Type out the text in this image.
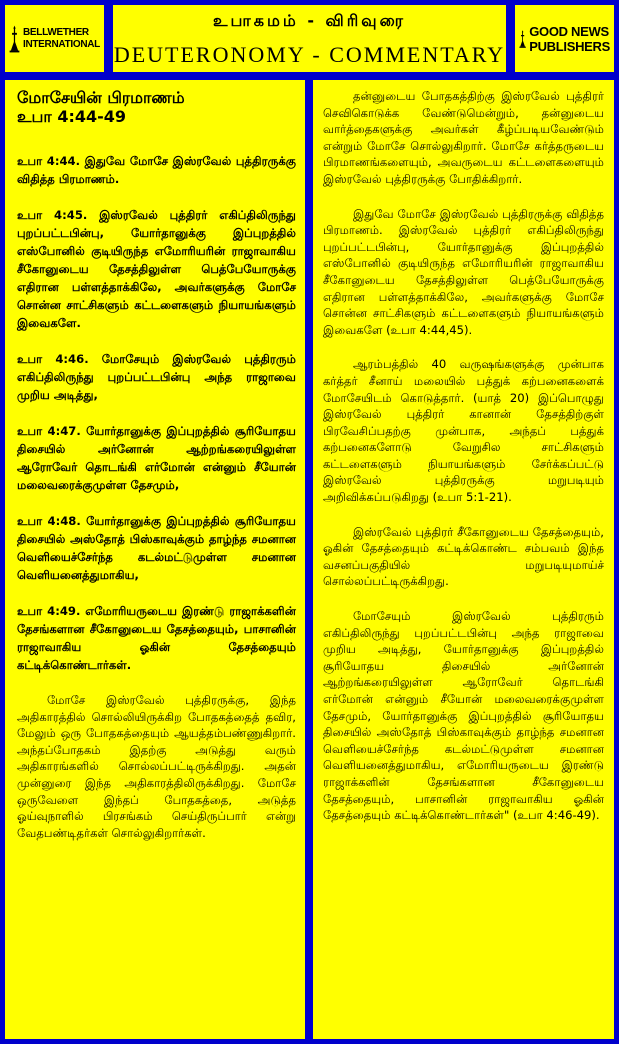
BELLWETHER
INTERNATIONAL
உபாகமம் - விரிவுரை
DEUTERONOMY - COMMENTARY
GOOD NEWS
PUBLISHERS
மோசேயின் பிரமாணம்
உபா 4:44-49

உபா 4:44. இதுவே மோசே இஸ்ரவேல் புத்திரருக்கு விதித்த பிரமாணம்.

உபா 4:45. இஸ்ரவேல் புத்திரர் எகிப்திலிருந்து புறப்பட்டபின்பு, யோர்தானுக்கு இப்புறத்தில் எஸ்போனில் குடியிருந்த எமோரியரின் ராஜாவாகிய சீகோனுடைய தேசத்திலுள்ள பெத்பேயோருக்கு எதிரான பள்ளத்தாக்கிலே, அவர்களுக்கு மோசே சொன்ன சாட்சிகளும் கட்டளைகளும் நியாயங்களும் இவைகளே.

உபா 4:46. மோசேயும் இஸ்ரவேல் புத்திரரும் எகிப்திலிருந்து புறப்பட்டபின்பு அந்த ராஜாவை முறிய அடித்து,

உபா 4:47. யோர்தானுக்கு இப்புறத்தில் சூரியோதய திசையில் அர்னோன் ஆற்றங்கரையிலுள்ள ஆரோவேர் தொடங்கி எர்மோன் என்னும் சீயோன் மலைவரைக்குமுள்ள தேசமும்,

உபா 4:48. யோர்தானுக்கு இப்புறத்தில் சூரியோதய திசையில் அஸ்தோத் பிஸ்காவுக்கும் தாழ்ந்த சமனான வெளியைச்சேர்ந்த கடல்மட்டுமுள்ள சமனான வெளியனைத்துமாகிய,

உபா 4:49. எமோரியருடைய இரண்டு ராஜாக்களின் தேசங்களான சீகோனுடைய தேசத்தையும், பாசானின் ராஜாவாகிய ஓகின் தேசத்தையும் கட்டிக்கொண்டார்கள்.

மோசே இஸ்ரவேல் புத்திரருக்கு, இந்த அதிகாரத்தில் சொல்லியிருக்கிற போதகத்தைத் தவிர, மேலும் ஒரு போதகத்தையும் ஆயத்தம்பண்ணுகிறார். அந்தப்போதகம் இதற்கு அடுத்து வரும் அதிகாரங்களில் சொல்லப்பட்டிருக்கிறது. அதன் முன்னுரை இந்த அதிகாரத்திலிருக்கிறது. மோசே ஒருவேளை இந்தப் போதகத்தை, அடுத்த ஓய்வுநாளில் பிரசங்கம் செய்திருப்பார் என்று வேதபண்டிதர்கள் சொல்லுகிறார்கள்.

தன்னுடைய போதகத்திற்கு இஸ்ரவேல் புத்திரர் செவிகொடுக்க வேண்டுமென்றும், தன்னுடைய வார்த்தைகளுக்கு அவர்கள் கீழ்ப்படியவேண்டும் என்றும் மோசே சொல்லுகிறார். மோசே கர்த்தருடைய பிரமாணங்களையும், அவருடைய கட்டளைகளையும் இஸ்ரவேல் புத்திரருக்கு போதிக்கிறார்.

இதுவே மோசே இஸ்ரவேல் புத்திரருக்கு விதித்த பிரமாணம். இஸ்ரவேல் புத்திரர் எகிப்திலிருந்து புறப்பட்டபின்பு, யோர்தானுக்கு இப்புறத்தில் எஸ்போனில் குடியிருந்த எமோரியரின் ராஜாவாகிய சீகோனுடைய தேசத்திலுள்ள பெத்பேயோருக்கு எதிரான பள்ளத்தாக்கிலே, அவர்களுக்கு மோசே சொன்ன சாட்சிகளும் கட்டளைகளும் நியாயங்களும் இவைகளே (உபா 4:44,45).

ஆரம்பத்தில் 40 வருஷங்களுக்கு முன்பாக கர்த்தர் சீனாய் மலையில் பத்துக் கற்பனைகளைக் மோசேயிடம் கொடுத்தார். (யாத் 20) இப்பொழுது இஸ்ரவேல் புத்திரர் கானான் தேசத்திற்குள் பிரவேசிப்பதற்கு முன்பாக, அந்தப் பத்துக் கற்பனைகளோடு வேறுசில சாட்சிகளும் கட்டளைகளும் நியாயங்களும் சேர்க்கப்பட்டு இஸ்ரவேல் புத்திரருக்கு மறுபடியும் அறிவிக்கப்படுகிறது (உபா 5:1-21).

இஸ்ரவேல் புத்திரர் சீகோனுடைய தேசத்தையும், ஓகின் தேசத்தையும் கட்டிக்கொண்ட சம்பவம் இந்த வசனப்பகுதியில் மறுபடியுமாய்ச் சொல்லப்பட்டிருக்கிறது.

மோசேயும் இஸ்ரவேல் புத்திரரும் எகிப்திலிருந்து புறப்பட்டபின்பு அந்த ராஜாவை முறிய அடித்து, யோர்தானுக்கு இப்புறத்தில் சூரியோதய திசையில் அர்னோன் ஆற்றங்கரையிலுள்ள ஆரோவேர் தொடங்கி எர்மோன் என்னும் சீயோன் மலைவரைக்குமுள்ள தேசமும், யோர்தானுக்கு இப்புறத்தில் சூரியோதய திசையில் அஸ்தோத் பிஸ்காவுக்கும் தாழ்ந்த சமனான வெளியைச்சேர்ந்த கடல்மட்டுமுள்ள சமனான வெளியனைத்துமாகிய, எமோரியருடைய இரண்டு ராஜாக்களின் தேசங்களான சீகோனுடைய தேசத்தையும், பாசானின் ராஜாவாகிய ஓகின் தேசத்தையும் கட்டிக்கொண்டார்கள்" (உபா 4:46-49).
